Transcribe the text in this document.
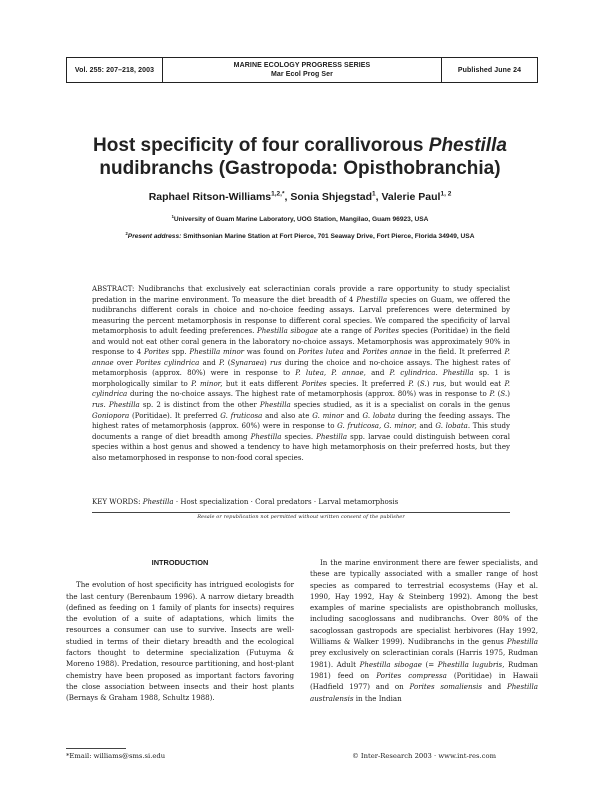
Vol. 255: 207–218, 2003
MARINE ECOLOGY PROGRESS SERIES
Mar Ecol Prog Ser
Published June 24
Host specificity of four corallivorous Phestilla
nudibranchs (Gastropoda: Opisthobranchia)
Raphael Ritson-Williams$^{1,2,*}$, Sonia Shjegstad$^1$, Valerie Paul$^{1, 2}$
$^1$University of Guam Marine Laboratory, UOG Station, Mangilao, Guam 96923, USA
$^2$Present address: Smithsonian Marine Station at Fort Pierce, 701 Seaway Drive, Fort Pierce, Florida 34949, USA
ABSTRACT: Nudibranchs that exclusively eat scleractinian corals provide a rare opportunity to study specialist predation in the marine environment. To measure the diet breadth of 4 Phestilla species on Guam, we offered the nudibranchs different corals in choice and no-choice feeding assays. Larval preferences were determined by measuring the percent metamorphosis in response to different coral species. We compared the specificity of larval metamorphosis to adult feeding preferences. Phestilla sibogae ate a range of Porites species (Poritidae) in the field and would not eat other coral genera in the laboratory no-choice assays. Metamorphosis was approximately 90% in response to 4 Porites spp. Phestilla minor was found on Porites lutea and Porites annae in the field. It preferred P. annae over Porites cylindrica and P. (Synaraea) rus during the choice and no-choice assays. The highest rates of metamorphosis (approx. 80%) were in response to P. lutea, P. annae, and P. cylindrica. Phestilla sp. 1 is morphologically similar to P. minor, but it eats different Porites species. It preferred P. (S.) rus, but would eat P. cylindrica during the no-choice assays. The highest rate of metamorphosis (approx. 80%) was in response to P. (S.) rus. Phestilla sp. 2 is distinct from the other Phestilla species studied, as it is a specialist on corals in the genus Goniopora (Poritidae). It preferred G. fruticosa and also ate G. minor and G. lobata during the feeding assays. The highest rates of metamorphosis (approx. 60%) were in response to G. fruticosa, G. minor, and G. lobata. This study documents a range of diet breadth among Phestilla species. Phestilla spp. larvae could distinguish between coral species within a host genus and showed a tendency to have high metamorphosis on their preferred hosts, but they also metamorphosed in response to non-food coral species.
KEY WORDS: Phestilla · Host specialization · Coral predators · Larval metamorphosis
Resale or republication not permitted without written consent of the publisher
INTRODUCTION

The evolution of host specificity has intrigued ecologists for the last century (Berenbaum 1996). A narrow dietary breadth (defined as feeding on 1 family of plants for insects) requires the evolution of a suite of adaptations, which limits the resources a consumer can use to survive. Insects are well-studied in terms of their dietary breadth and the ecological factors thought to determine specialization (Futuyma & Moreno 1988). Predation, resource partitioning, and host-plant chemistry have been proposed as important factors favoring the close association between insects and their host plants (Bernays & Graham 1988, Schultz 1988).

In the marine environment there are fewer specialists, and these are typically associated with a smaller range of host species as compared to terrestrial ecosystems (Hay et al. 1990, Hay 1992, Hay & Steinberg 1992). Among the best examples of marine specialists are opisthobranch mollusks, including sacoglossans and nudibranchs. Over 80% of the sacoglossan gastropods are specialist herbivores (Hay 1992, Williams & Walker 1999). Nudibranchs in the genus Phestilla prey exclusively on scleractinian corals (Harris 1975, Rudman 1981). Adult Phestilla sibogae (= Phestilla lugubris, Rudman 1981) feed on Porites compressa (Poritidae) in Hawaii (Hadfield 1977) and on Porites somaliensis and Phestilla australensis in the Indian

*Email: williams@sms.si.edu	© Inter-Research 2003 · www.int-res.com
